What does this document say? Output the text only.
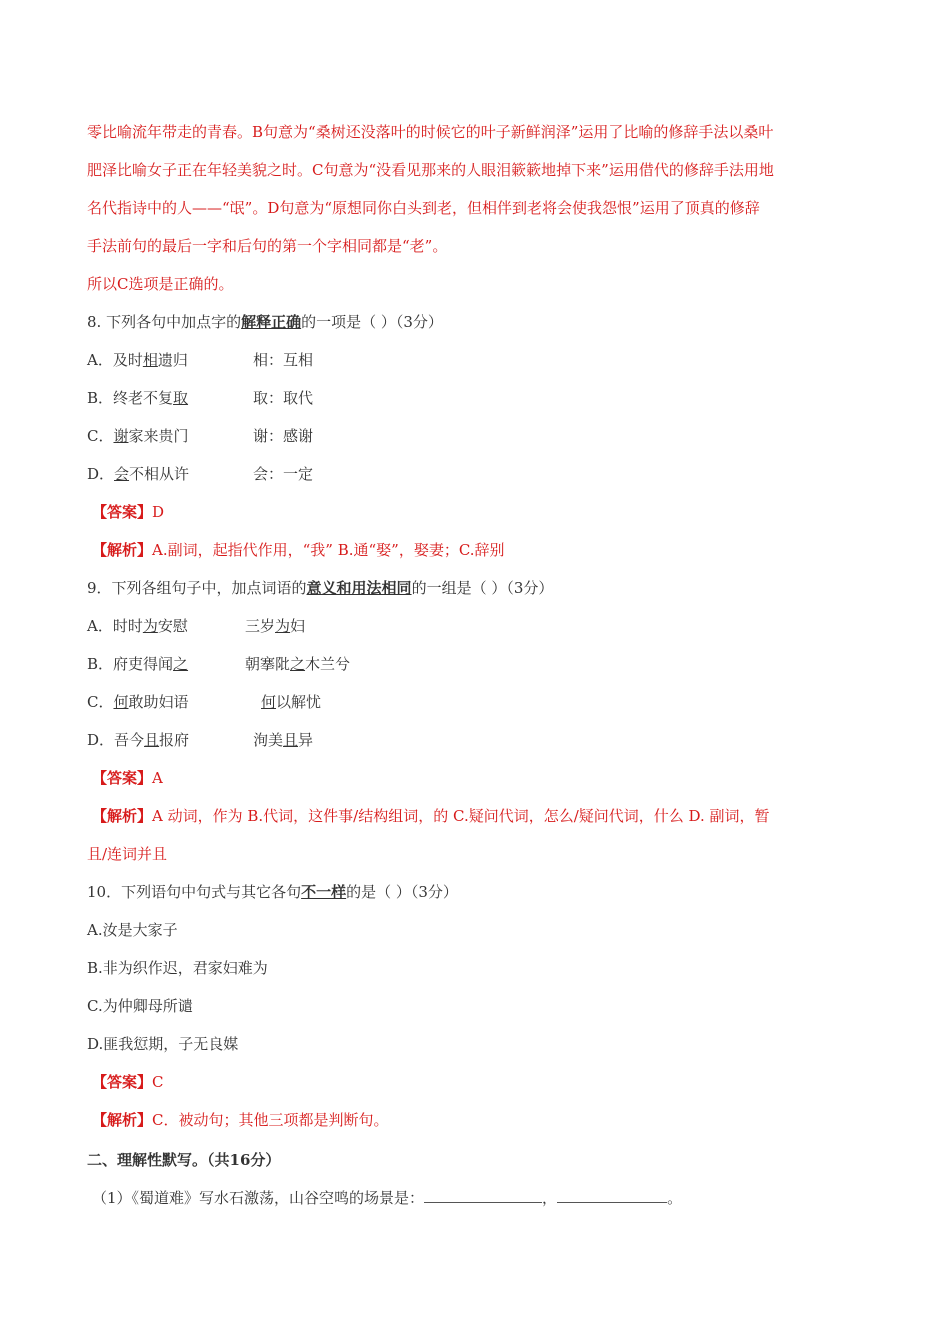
零比喻流年带走的青春。B句意为“桑树还没落叶的时候它的叶子新鲜润泽”运用了比喻的修辞手法以桑叶
肥泽比喻女子正在年轻美貌之时。C句意为“没看见那来的人眼泪簌簌地掉下来”运用借代的修辞手法用地
名代指诗中的人——“氓”。D句意为“原想同你白头到老，但相伴到老将会使我怨恨”运用了顶真的修辞
手法前句的最后一字和后句的第一个字相同都是“老”。
所以C选项是正确的。
8. 下列各句中加点字的解释正确的一项是（ ）（3分）
A．及时相遗归	相：互相
B．终老不复取	取：取代
C．谢家来贵门	谢：感谢
D．会不相从许	会：一定
【答案】D
【解析】A.副词，起指代作用，“我” B.通“娶”，娶妻；C.辞别
9．下列各组句子中，加点词语的意义和用法相同的一组是（ ）（3分）
A．时时为安慰	三岁为妇
B．府吏得闻之	朝搴阰之木兰兮
C．何敢助妇语	何以解忧
D．吾今且报府	洵美且异
【答案】A
【解析】A 动词，作为 B.代词，这件事/结构组词，的 C.疑问代词，怎么/疑问代词，什么 D. 副词，暂
且/连词并且
10．下列语句中句式与其它各句不一样的是（ ）（3分）
A.汝是大家子
B.非为织作迟，君家妇难为
C.为仲卿母所谴
D.匪我愆期，子无良媒
【答案】C
【解析】C．被动句；其他三项都是判断句。
二、理解性默写。（共16分）
（1）《蜀道难》写水石激荡，山谷空鸣的场景是：	，	。
